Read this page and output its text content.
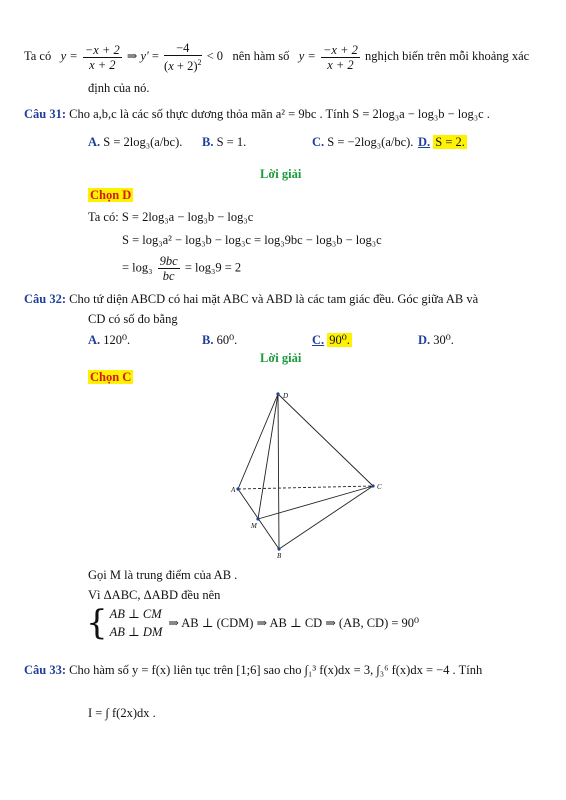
Ta có   $y = \frac{-x + 2}{x + 2}$ ⇒ $y' = \frac{-4}{(x + 2)^2} < 0$   nên hàm số   $y = \frac{-x + 2}{x + 2}$ nghịch biến trên mỗi khoảng xác
định của nó.
Câu 31: Cho a,b,c là các số thực dương thỏa mãn a² = 9bc . Tính S = 2log₃a − log₃b − log₃c .
A. S = 2log₃(a/bc). B. S = 1.	C. S = −2log₃(a/bc). D. S = 2.
Lời giải
Chọn D
Ta có: S = 2log₃a − log₃b − log₃c
S = log₃a² − log₃b − log₃c = log₃9bc − log₃b − log₃c
= $\log_3 \frac{9bc}{bc} = \log_39 = 2$
Câu 32: Cho tứ diện ABCD có hai mặt ABC và ABD là các tam giác đều. Góc giữa AB và
CD có số đo bằng
A. 120⁰.	B. 60⁰.	C. 90⁰.	D. 30⁰.
Lời giải
Chọn C
D
A	C
M
B
Gọi M là trung điểm của AB .
Vì ΔABC, ΔABD đều nên
{ AB ⊥ CM
AB ⊥ DM
⇒ AB ⊥ (CDM) ⇒ AB ⊥ CD ⇒ (AB, CD) = 90⁰
Câu 33: Cho hàm số y = f(x) liên tục trên [1;6] sao cho ∫₁³ f(x)dx = 3, ∫₃⁶ f(x)dx = −4 . Tính
I = ∫ f(2x)dx .
